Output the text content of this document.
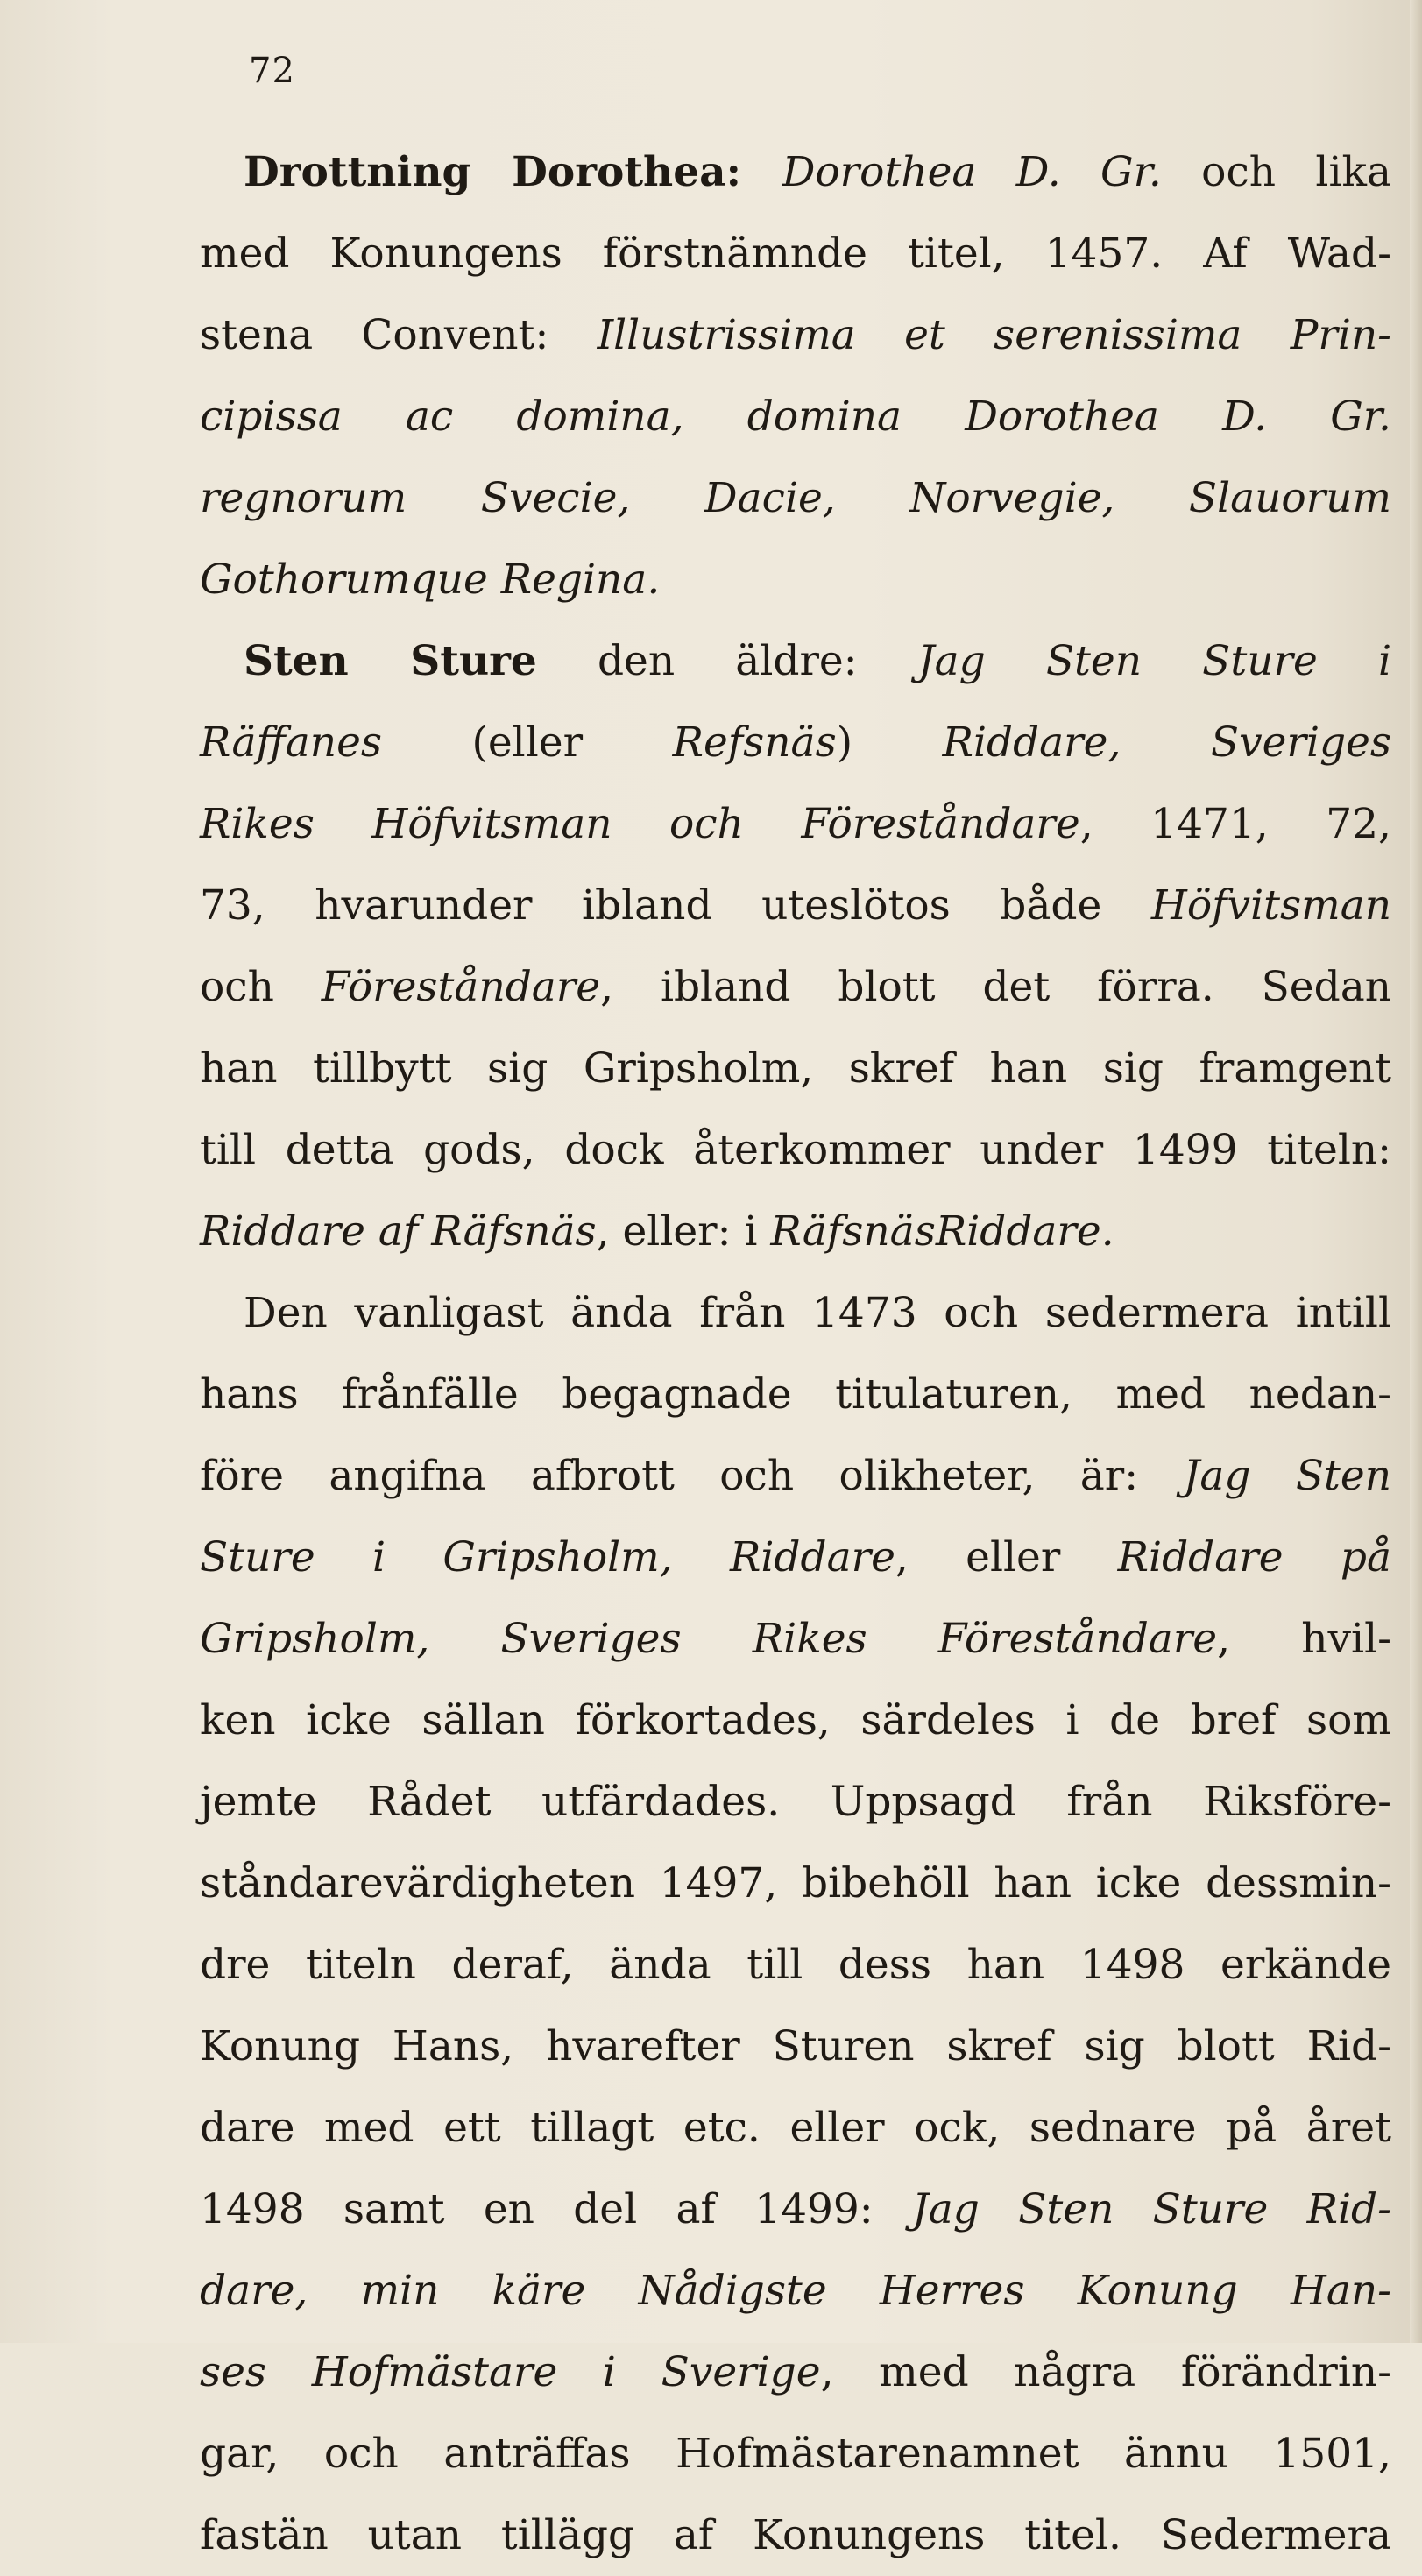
72
Drottning Dorothea: Dorothea D. Gr. och lika
med Konungens förstnämnde titel, 1457. Af Wad-
stena Convent: Illustrissima et serenissima Prin-
cipissa ac domina, domina Dorothea D. Gr.
regnorum Svecie, Dacie, Norvegie, Slauorum
Gothorumque Regina.
Sten Sture den äldre: Jag Sten Sture i
Räffanes (eller Refsnäs) Riddare, Sveriges
Rikes Höfvitsman och Föreståndare, 1471, 72,
73, hvarunder ibland uteslötos både Höfvitsman
och Föreståndare, ibland blott det förra. Sedan
han tillbytt sig Gripsholm, skref han sig framgent
till detta gods, dock återkommer under 1499 titeln:
Riddare af Räfsnäs, eller: i RäfsnäsRiddare.
Den vanligast ända från 1473 och sedermera intill
hans frånfälle begagnade titulaturen, med nedan-
före angifna afbrott och olikheter, är: Jag Sten
Sture i Gripsholm, Riddare, eller Riddare på
Gripsholm, Sveriges Rikes Föreståndare, hvil-
ken icke sällan förkortades, särdeles i de bref som
jemte Rådet utfärdades. Uppsagd från Riksföre-
ståndarevärdigheten 1497, bibehöll han icke dessmin-
dre titeln deraf, ända till dess han 1498 erkände
Konung Hans, hvarefter Sturen skref sig blott Rid-
dare med ett tillagt etc. eller ock, sednare på året
1498 samt en del af 1499: Jag Sten Sture Rid-
dare, min käre Nådigste Herres Konung Han-
ses Hofmästare i Sverige, med några förändrin-
gar, och anträffas Hofmästarenamnet ännu 1501,
fastän utan tillägg af Konungens titel. Sedermera
